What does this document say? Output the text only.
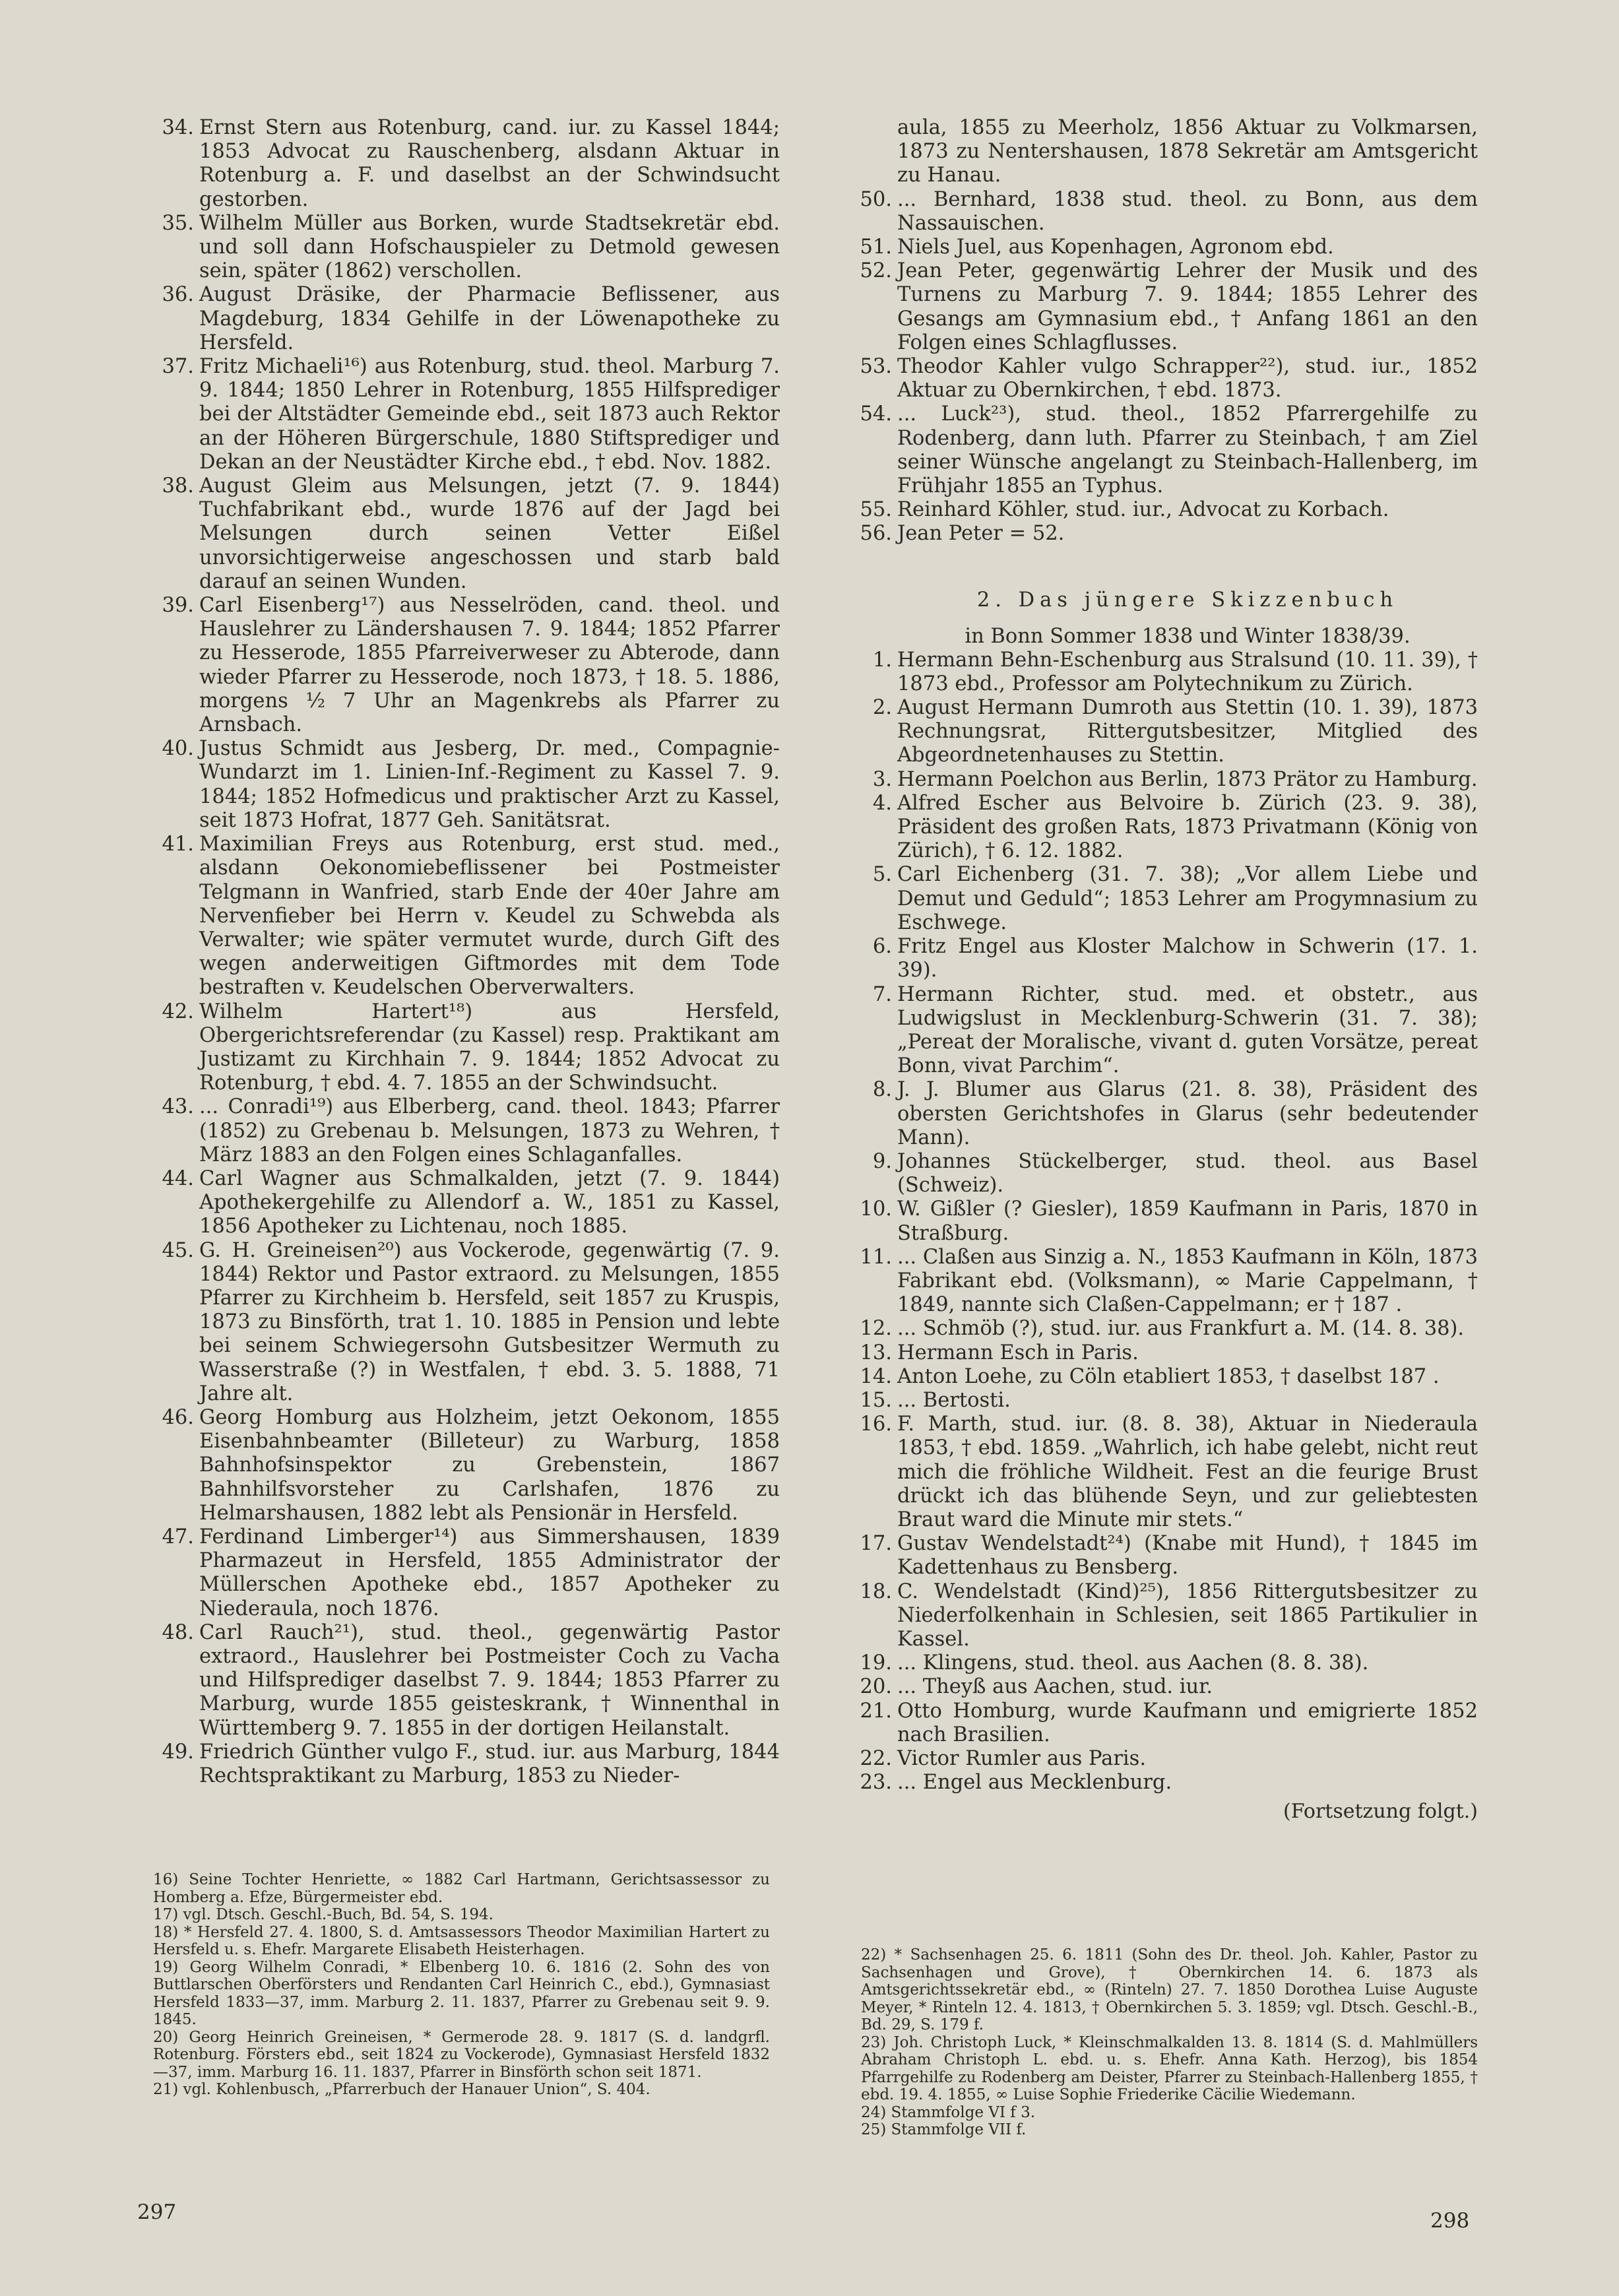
34. Ernst Stern aus Rotenburg, cand. iur. zu Kassel 1844; 1853 Advocat zu Rauschenberg, alsdann Aktuar in Rotenburg a. F. und daselbst an der Schwindsucht gestorben.
35. Wilhelm Müller aus Borken, wurde Stadtsekretär ebd. und soll dann Hofschauspieler zu Detmold gewesen sein, später (1862) verschollen.
36. August Dräsike, der Pharmacie Beflissener, aus Magdeburg, 1834 Gehilfe in der Löwenapotheke zu Hersfeld.
37. Fritz Michaeli¹⁶) aus Rotenburg, stud. theol. Marburg 7. 9. 1844; 1850 Lehrer in Rotenburg, 1855 Hilfsprediger bei der Altstädter Gemeinde ebd., seit 1873 auch Rektor an der Höheren Bürgerschule, 1880 Stiftsprediger und Dekan an der Neustädter Kirche ebd., † ebd. Nov. 1882.
38. August Gleim aus Melsungen, jetzt (7. 9. 1844) Tuchfabrikant ebd., wurde 1876 auf der Jagd bei Melsungen durch seinen Vetter Eißel unvorsichtigerweise angeschossen und starb bald darauf an seinen Wunden.
39. Carl Eisenberg¹⁷) aus Nesselröden, cand. theol. und Hauslehrer zu Ländershausen 7. 9. 1844; 1852 Pfarrer zu Hesserode, 1855 Pfarreiverweser zu Abterode, dann wieder Pfarrer zu Hesserode, noch 1873, † 18. 5. 1886, morgens ½ 7 Uhr an Magenkrebs als Pfarrer zu Arnsbach.
40. Justus Schmidt aus Jesberg, Dr. med., Compagnie-Wundarzt im 1. Linien-Inf.-Regiment zu Kassel 7. 9. 1844; 1852 Hofmedicus und praktischer Arzt zu Kassel, seit 1873 Hofrat, 1877 Geh. Sanitätsrat.
41. Maximilian Freys aus Rotenburg, erst stud. med., alsdann Oekonomiebeflissener bei Postmeister Telgmann in Wanfried, starb Ende der 40er Jahre am Nervenfieber bei Herrn v. Keudel zu Schwebda als Verwalter; wie später vermutet wurde, durch Gift des wegen anderweitigen Giftmordes mit dem Tode bestraften v. Keudelschen Oberverwalters.
42. Wilhelm Hartert¹⁸) aus Hersfeld, Obergerichtsreferendar (zu Kassel) resp. Praktikant am Justizamt zu Kirchhain 7. 9. 1844; 1852 Advocat zu Rotenburg, † ebd. 4. 7. 1855 an der Schwindsucht.
43. ... Conradi¹⁹) aus Elberberg, cand. theol. 1843; Pfarrer (1852) zu Grebenau b. Melsungen, 1873 zu Wehren, † März 1883 an den Folgen eines Schlaganfalles.
44. Carl Wagner aus Schmalkalden, jetzt (7. 9. 1844) Apothekergehilfe zu Allendorf a. W., 1851 zu Kassel, 1856 Apotheker zu Lichtenau, noch 1885.
45. G. H. Greineisen²⁰) aus Vockerode, gegenwärtig (7. 9. 1844) Rektor und Pastor extraord. zu Melsungen, 1855 Pfarrer zu Kirchheim b. Hersfeld, seit 1857 zu Kruspis, 1873 zu Binsförth, trat 1. 10. 1885 in Pension und lebte bei seinem Schwiegersohn Gutsbesitzer Wermuth zu Wasserstraße (?) in Westfalen, † ebd. 3. 5. 1888, 71 Jahre alt.
46. Georg Homburg aus Holzheim, jetzt Oekonom, 1855 Eisenbahnbeamter (Billeteur) zu Warburg, 1858 Bahnhofsinspektor zu Grebenstein, 1867 Bahnhilfsvorsteher zu Carlshafen, 1876 zu Helmarshausen, 1882 lebt als Pensionär in Hersfeld.
47. Ferdinand Limberger¹⁴) aus Simmershausen, 1839 Pharmazeut in Hersfeld, 1855 Administrator der Müllerschen Apotheke ebd., 1857 Apotheker zu Niederaula, noch 1876.
48. Carl Rauch²¹), stud. theol., gegenwärtig Pastor extraord., Hauslehrer bei Postmeister Coch zu Vacha und Hilfsprediger daselbst 7. 9. 1844; 1853 Pfarrer zu Marburg, wurde 1855 geisteskrank, † Winnenthal in Württemberg 9. 7. 1855 in der dortigen Heilanstalt.
49. Friedrich Günther vulgo F., stud. iur. aus Marburg, 1844 Rechtspraktikant zu Marburg, 1853 zu Nieder-
aula, 1855 zu Meerholz, 1856 Aktuar zu Volkmarsen, 1873 zu Nentershausen, 1878 Sekretär am Amtsgericht zu Hanau.
50. ... Bernhard, 1838 stud. theol. zu Bonn, aus dem Nassauischen.
51. Niels Juel, aus Kopenhagen, Agronom ebd.
52. Jean Peter, gegenwärtig Lehrer der Musik und des Turnens zu Marburg 7. 9. 1844; 1855 Lehrer des Gesangs am Gymnasium ebd., † Anfang 1861 an den Folgen eines Schlagflusses.
53. Theodor Kahler vulgo Schrapper²²), stud. iur., 1852 Aktuar zu Obernkirchen, † ebd. 1873.
54. ... Luck²³), stud. theol., 1852 Pfarrergehilfe zu Rodenberg, dann luth. Pfarrer zu Steinbach, † am Ziel seiner Wünsche angelangt zu Steinbach-Hallenberg, im Frühjahr 1855 an Typhus.
55. Reinhard Köhler, stud. iur., Advocat zu Korbach.
56. Jean Peter = 52.
2. Das jüngere Skizzenbuch
in Bonn Sommer 1838 und Winter 1838/39.
1. Hermann Behn-Eschenburg aus Stralsund (10. 11. 39), † 1873 ebd., Professor am Polytechnikum zu Zürich.
2. August Hermann Dumroth aus Stettin (10. 1. 39), 1873 Rechnungsrat, Rittergutsbesitzer, Mitglied des Abgeordnetenhauses zu Stettin.
3. Hermann Poelchon aus Berlin, 1873 Prätor zu Hamburg.
4. Alfred Escher aus Belvoire b. Zürich (23. 9. 38), Präsident des großen Rats, 1873 Privatmann (König von Zürich), † 6. 12. 1882.
5. Carl Eichenberg (31. 7. 38); „Vor allem Liebe und Demut und Geduld“; 1853 Lehrer am Progymnasium zu Eschwege.
6. Fritz Engel aus Kloster Malchow in Schwerin (17. 1. 39).
7. Hermann Richter, stud. med. et obstetr., aus Ludwigslust in Mecklenburg-Schwerin (31. 7. 38); „Pereat der Moralische, vivant d. guten Vorsätze, pereat Bonn, vivat Parchim“.
8. J. J. Blumer aus Glarus (21. 8. 38), Präsident des obersten Gerichtshofes in Glarus (sehr bedeutender Mann).
9. Johannes Stückelberger, stud. theol. aus Basel (Schweiz).
10. W. Gißler (? Giesler), 1859 Kaufmann in Paris, 1870 in Straßburg.
11. ... Claßen aus Sinzig a. N., 1853 Kaufmann in Köln, 1873 Fabrikant ebd. (Volksmann), ∞ Marie Cappelmann, † 1849, nannte sich Claßen-Cappelmann; er † 187 .
12. ... Schmöb (?), stud. iur. aus Frankfurt a. M. (14. 8. 38).
13. Hermann Esch in Paris.
14. Anton Loehe, zu Cöln etabliert 1853, † daselbst 187 .
15. ... Bertosti.
16. F. Marth, stud. iur. (8. 8. 38), Aktuar in Niederaula 1853, † ebd. 1859. „Wahrlich, ich habe gelebt, nicht reut mich die fröhliche Wildheit. Fest an die feurige Brust drückt ich das blühende Seyn, und zur geliebtesten Braut ward die Minute mir stets.“
17. Gustav Wendelstadt²⁴) (Knabe mit Hund), † 1845 im Kadettenhaus zu Bensberg.
18. C. Wendelstadt (Kind)²⁵), 1856 Rittergutsbesitzer zu Niederfolkenhain in Schlesien, seit 1865 Partikulier in Kassel.
19. ... Klingens, stud. theol. aus Aachen (8. 8. 38).
20. ... Theyß aus Aachen, stud. iur.
21. Otto Homburg, wurde Kaufmann und emigrierte 1852 nach Brasilien.
22. Victor Rumler aus Paris.
23. ... Engel aus Mecklenburg.
(Fortsetzung folgt.)

16) Seine Tochter Henriette, ∞ 1882 Carl Hartmann, Gerichtsassessor zu Homberg a. Efze, Bürgermeister ebd.

17) vgl. Dtsch. Geschl.-Buch, Bd. 54, S. 194.

18) * Hersfeld 27. 4. 1800, S. d. Amtsassessors Theodor Maximilian Hartert zu Hersfeld u. s. Ehefr. Margarete Elisabeth Heisterhagen.

19) Georg Wilhelm Conradi, * Elbenberg 10. 6. 1816 (2. Sohn des von Buttlarschen Oberförsters und Rendanten Carl Heinrich C., ebd.), Gymnasiast Hersfeld 1833—37, imm. Marburg 2. 11. 1837, Pfarrer zu Grebenau seit 9. 9. 1845.

20) Georg Heinrich Greineisen, * Germerode 28. 9. 1817 (S. d. landgrfl. Rotenburg. Försters ebd., seit 1824 zu Vockerode), Gymnasiast Hersfeld 1832—37, imm. Marburg 16. 11. 1837, Pfarrer in Binsförth schon seit 1871.

21) vgl. Kohlenbusch, „Pfarrerbuch der Hanauer Union“, S. 404.

22) * Sachsenhagen 25. 6. 1811 (Sohn des Dr. theol. Joh. Kahler, Pastor zu Sachsenhagen und Grove), † Obernkirchen 14. 6. 1873 als Amtsgerichtssekretär ebd., ∞ (Rinteln) 27. 7. 1850 Dorothea Luise Auguste Meyer, * Rinteln 12. 4. 1813, † Obernkirchen 5. 3. 1859; vgl. Dtsch. Geschl.-B., Bd. 29, S. 179 f.

23) Joh. Christoph Luck, * Kleinschmalkalden 13. 8. 1814 (S. d. Mahlmüllers Abraham Christoph L. ebd. u. s. Ehefr. Anna Kath. Herzog), bis 1854 Pfarrgehilfe zu Rodenberg am Deister, Pfarrer zu Steinbach-Hallenberg 1855, † ebd. 19. 4. 1855, ∞ Luise Sophie Friederike Cäcilie Wiedemann.

24) Stammfolge VI f 3.

25) Stammfolge VII f.

297	298
